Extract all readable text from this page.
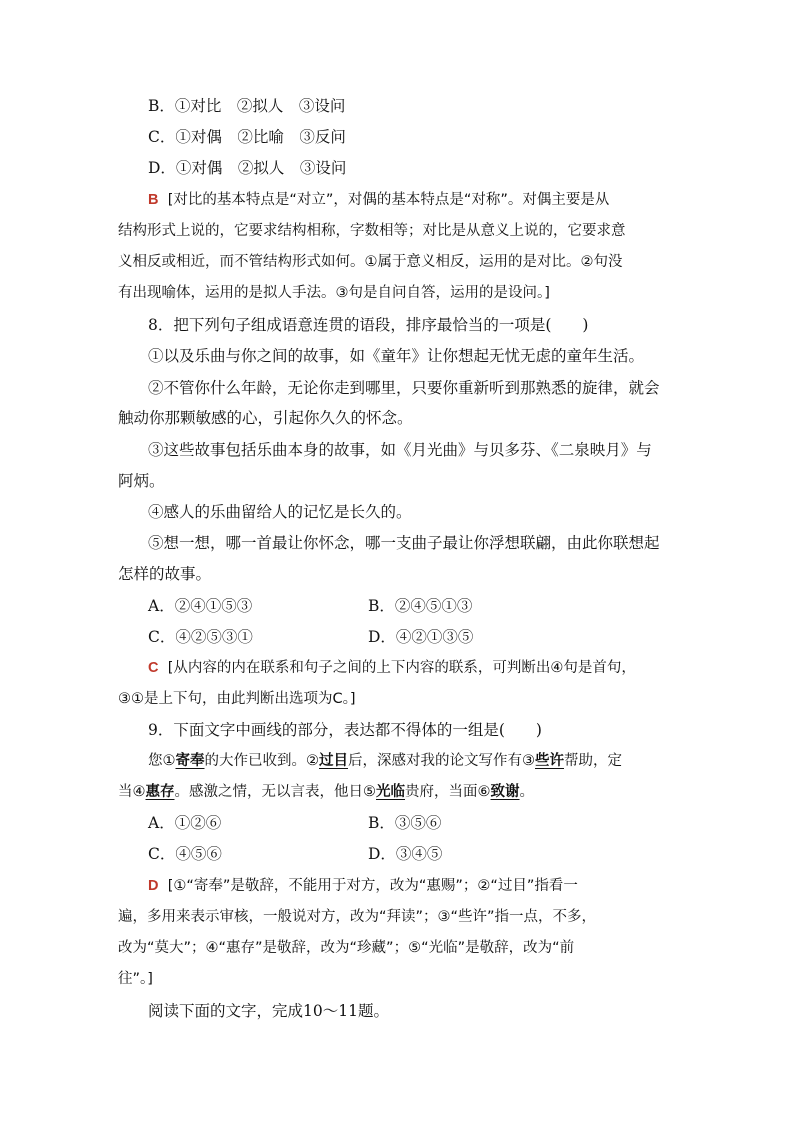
B．①对比　②拟人　③设问
C．①对偶　②比喻　③反问
D．①对偶　②拟人　③设问
B [对比的基本特点是“对立”，对偶的基本特点是“对称”。对偶主要是从
结构形式上说的，它要求结构相称，字数相等；对比是从意义上说的，它要求意
义相反或相近，而不管结构形式如何。①属于意义相反，运用的是对比。②句没
有出现喻体，运用的是拟人手法。③句是自问自答，运用的是设问。]
8．把下列句子组成语意连贯的语段，排序最恰当的一项是(　　)
①以及乐曲与你之间的故事，如《童年》让你想起无忧无虑的童年生活。
②不管你什么年龄，无论你走到哪里，只要你重新听到那熟悉的旋律，就会
触动你那颗敏感的心，引起你久久的怀念。
③这些故事包括乐曲本身的故事，如《月光曲》与贝多芬、《二泉映月》与
阿炳。
④感人的乐曲留给人的记忆是长久的。
⑤想一想，哪一首最让你怀念，哪一支曲子最让你浮想联翩，由此你联想起
怎样的故事。
A．②④①⑤③	B．②④⑤①③
C．④②⑤③①	D．④②①③⑤
C [从内容的内在联系和句子之间的上下内容的联系，可判断出④句是首句，
③①是上下句，由此判断出选项为C。]
9．下面文字中画线的部分，表达都不得体的一组是(　　)
您①寄奉的大作已收到。②过目后，深感对我的论文写作有③些许帮助，定
当④惠存。感激之情，无以言表，他日⑤光临贵府，当面⑥致谢。
A．①②⑥	B．③⑤⑥
C．④⑤⑥	D．③④⑤
D [①“寄奉”是敬辞，不能用于对方，改为“惠赐”；②“过目”指看一
遍，多用来表示审核，一般说对方，改为“拜读”；③“些许”指一点，不多，
改为“莫大”；④“惠存”是敬辞，改为“珍藏”；⑤“光临”是敬辞，改为“前
往”。]
阅读下面的文字，完成10～11题。
